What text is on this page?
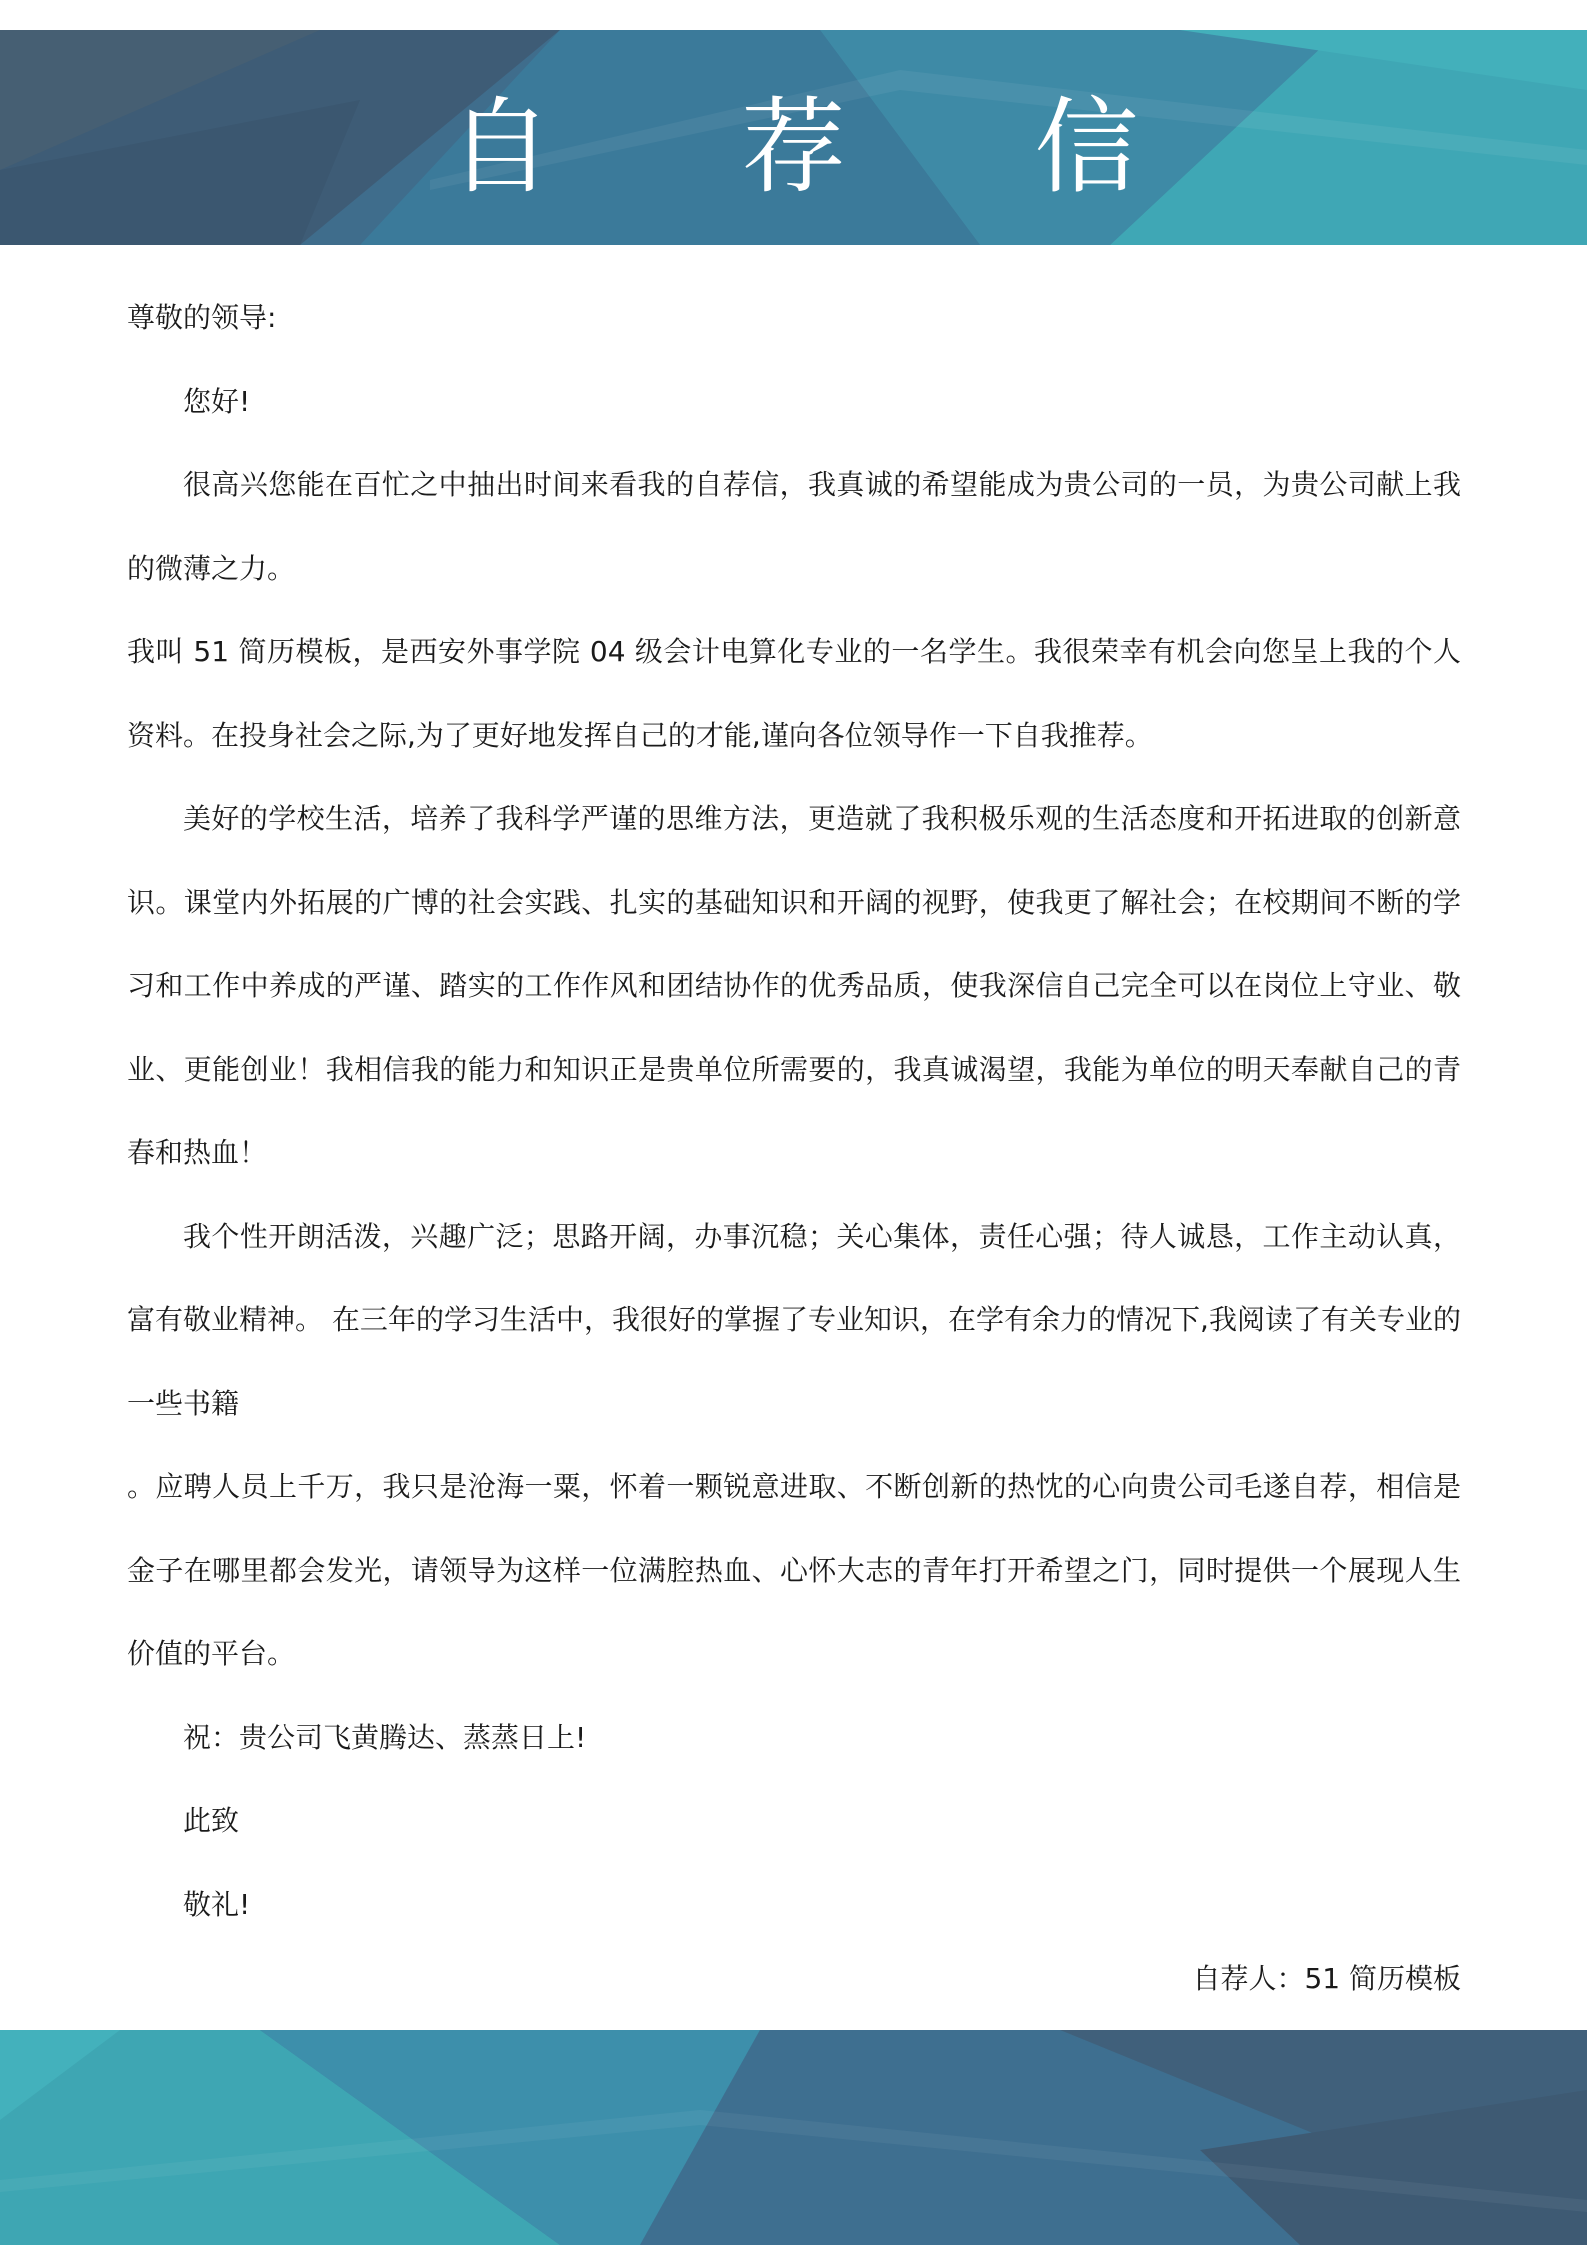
自 荐 信

尊敬的领导:

您好!

很高兴您能在百忙之中抽出时间来看我的自荐信，我真诚的希望能成为贵公司的一员，为贵公司献上我的微薄之力。

我叫 51 简历模板，是西安外事学院 04 级会计电算化专业的一名学生。我很荣幸有机会向您呈上我的个人资料。在投身社会之际,为了更好地发挥自己的才能,谨向各位领导作一下自我推荐。

美好的学校生活，培养了我科学严谨的思维方法，更造就了我积极乐观的生活态度和开拓进取的创新意识。课堂内外拓展的广博的社会实践、扎实的基础知识和开阔的视野，使我更了解社会；在校期间不断的学习和工作中养成的严谨、踏实的工作作风和团结协作的优秀品质，使我深信自己完全可以在岗位上守业、敬业、更能创业！我相信我的能力和知识正是贵单位所需要的，我真诚渴望，我能为单位的明天奉献自己的青春和热血！

我个性开朗活泼，兴趣广泛；思路开阔，办事沉稳；关心集体，责任心强；待人诚恳，工作主动认真，富有敬业精神。 在三年的学习生活中，我很好的掌握了专业知识，在学有余力的情况下,我阅读了有关专业的一些书籍

。应聘人员上千万，我只是沧海一粟，怀着一颗锐意进取、不断创新的热忱的心向贵公司毛遂自荐，相信是金子在哪里都会发光，请领导为这样一位满腔热血、心怀大志的青年打开希望之门，同时提供一个展现人生价值的平台。

祝：贵公司飞黄腾达、蒸蒸日上!

此致

敬礼!

自荐人：51 简历模板
